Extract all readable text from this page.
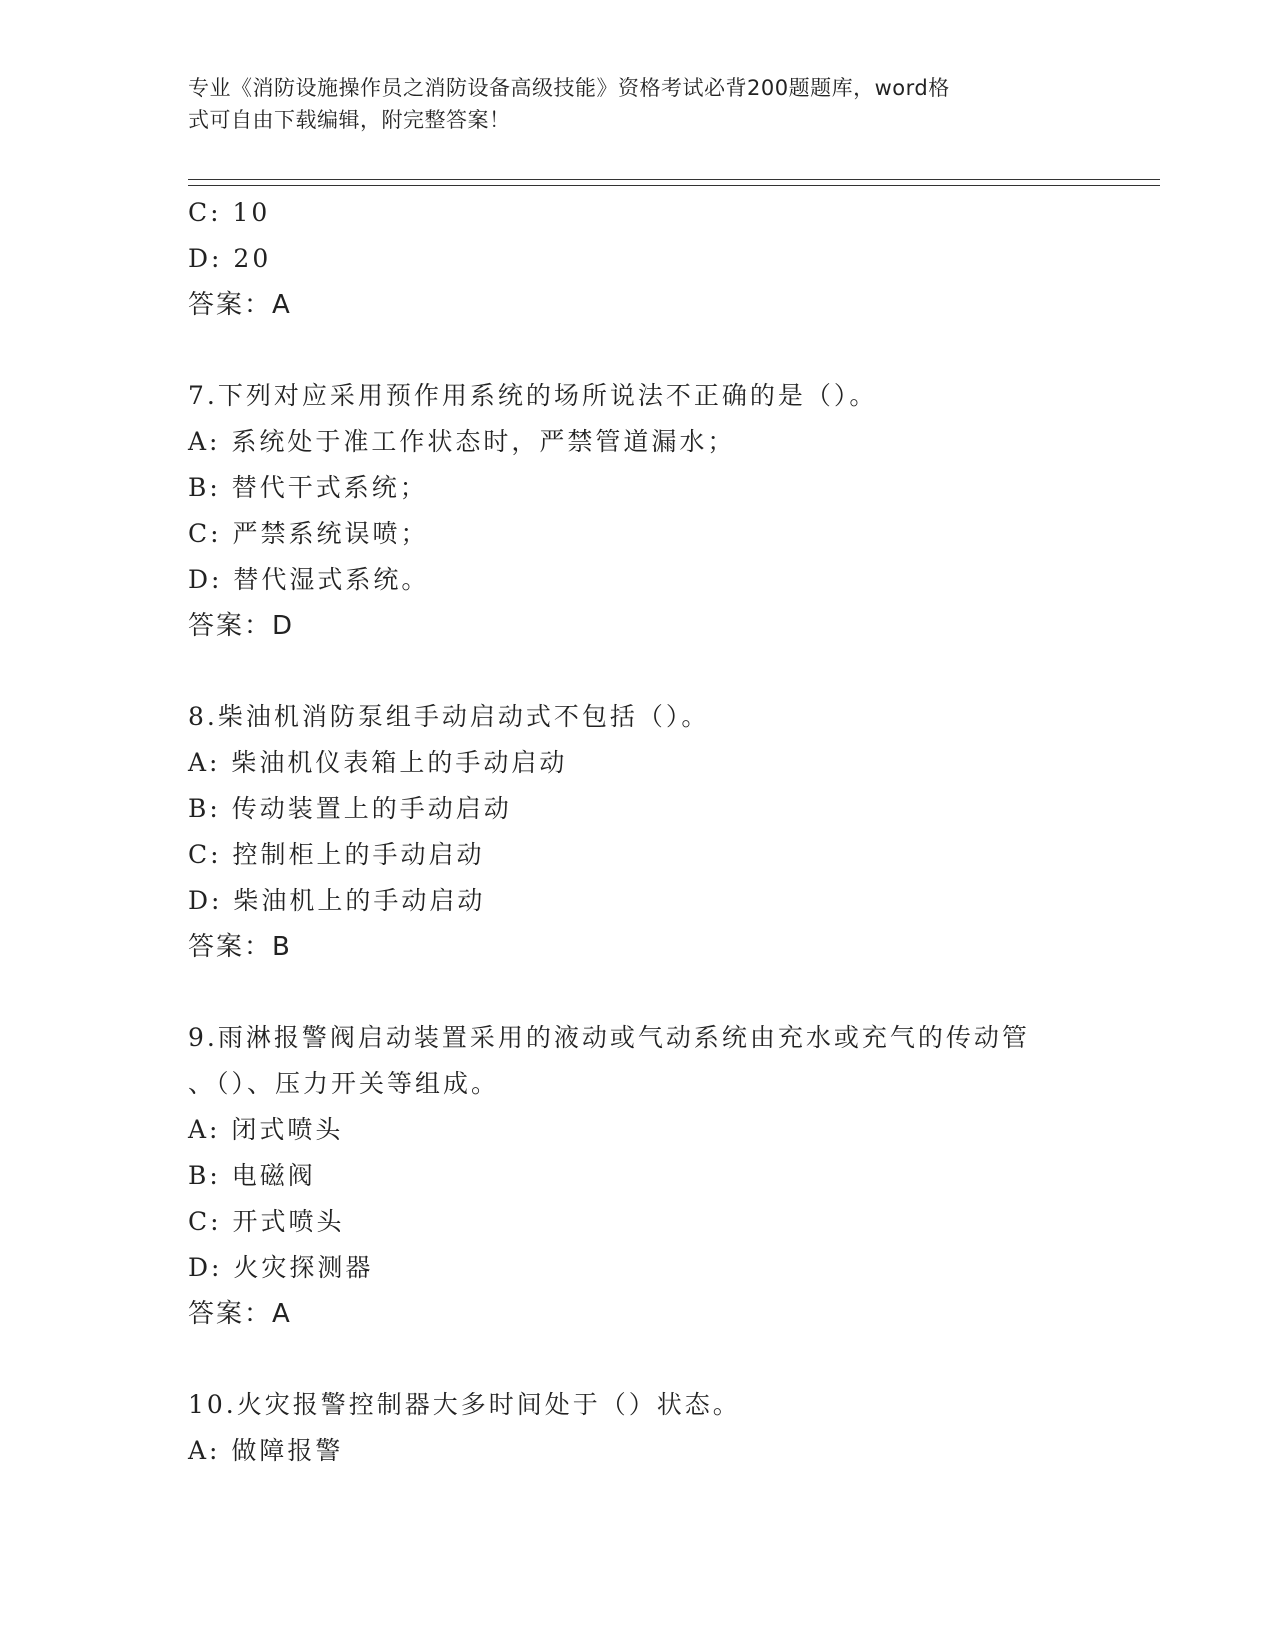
专业《消防设施操作员之消防设备高级技能》资格考试必背200题题库，word格
式可自由下载编辑，附完整答案！
C: 10
D: 20
答案：A
7.下列对应采用预作用系统的场所说法不正确的是（）。
A: 系统处于准工作状态时，严禁管道漏水；
B: 替代干式系统；
C: 严禁系统误喷；
D: 替代湿式系统。
答案：D
8.柴油机消防泵组手动启动式不包括（）。
A: 柴油机仪表箱上的手动启动
B: 传动装置上的手动启动
C: 控制柜上的手动启动
D: 柴油机上的手动启动
答案：B
9.雨淋报警阀启动装置采用的液动或气动系统由充水或充气的传动管
、（）、压力开关等组成。
A: 闭式喷头
B: 电磁阀
C: 开式喷头
D: 火灾探测器
答案：A
10.火灾报警控制器大多时间处于（）状态。
A: 做障报警
